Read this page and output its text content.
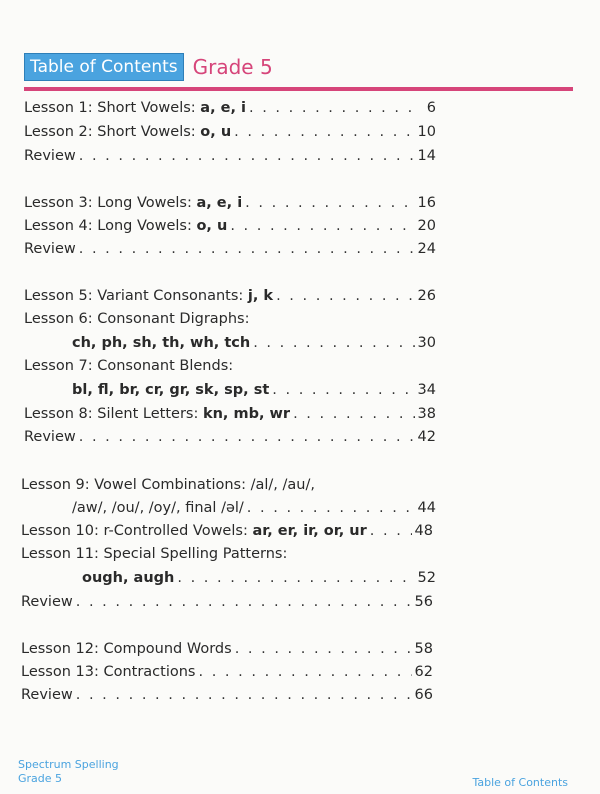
Table of Contents Grade 5
Lesson 1: Short Vowels: a, e, i . . .	6
Lesson 2: Short Vowels: o, u . . .	10
Review . . .	14
Lesson 3: Long Vowels: a, e, i . . .	16
Lesson 4: Long Vowels: o, u . . .	20
Review . . .	24
Lesson 5: Variant Consonants: j, k . . .	26
Lesson 6: Consonant Digraphs:
ch, ph, sh, th, wh, tch . . .	30
Lesson 7: Consonant Blends:
bl, fl, br, cr, gr, sk, sp, st . . .	34
Lesson 8: Silent Letters: kn, mb, wr . . .	38
Review . . .	42
Lesson 9: Vowel Combinations: /al/, /au/,
/aw/, /ou/, /oy/, final /əl/ . . .	44
Lesson 10: r-Controlled Vowels: ar, er, ir, or, ur . . .	48
Lesson 11: Special Spelling Patterns:
ough, augh . . .	52
Review . . .	56
Lesson 12: Compound Words . . .	58
Lesson 13: Contractions . . .	62
Review . . .	66
Spectrum Spelling
Grade 5	Table of Contents
